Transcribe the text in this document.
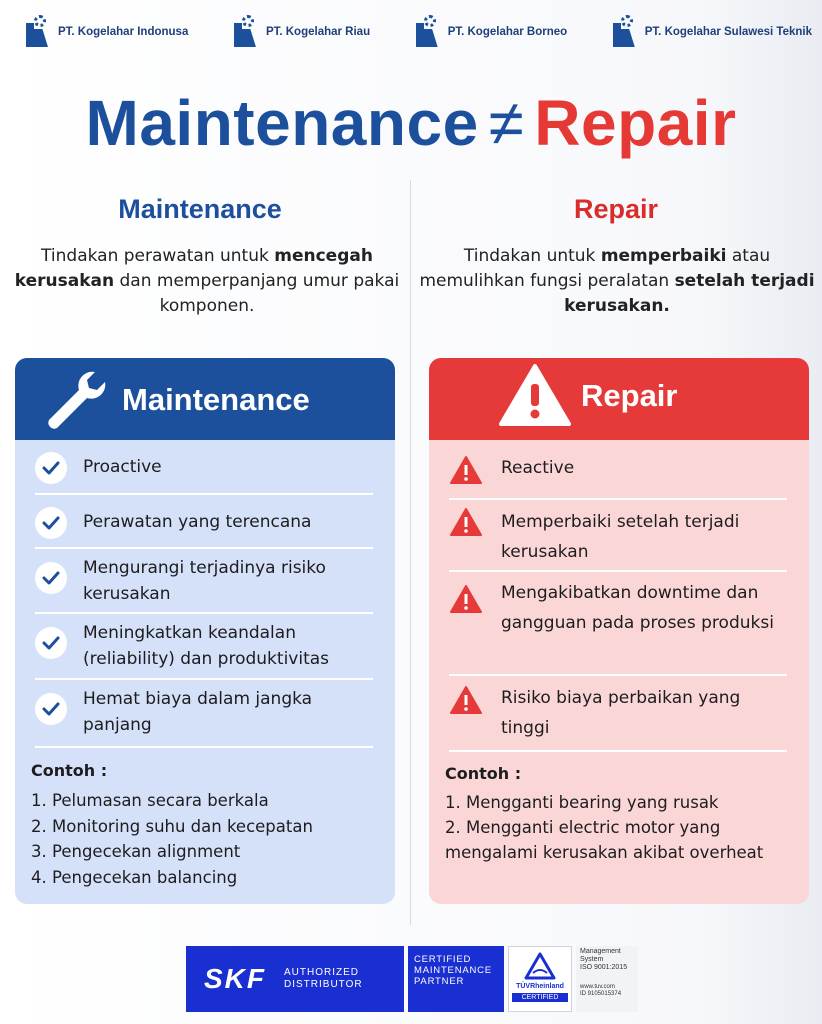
PT. Kogelahar Indonusa	PT. Kogelahar Riau	PT. Kogelahar Borneo	PT. Kogelahar Sulawesi Teknik
Maintenance ≠ Repair
Maintenance	Repair

Tindakan perawatan untuk mencegah kerusakan dan memperpanjang umur pakai komponen.

Tindakan untuk memperbaiki atau memulihkan fungsi peralatan setelah terjadi kerusakan.

Maintenance
Proactive
Perawatan yang terencana
Mengurangi terjadinya risiko kerusakan
Meningkatkan keandalan (reliability) dan produktivitas
Hemat biaya dalam jangka panjang
Contoh :
1. Pelumasan secara berkala
2. Monitoring suhu dan kecepatan
3. Pengecekan alignment
4. Pengecekan balancing
Repair
Reactive
Memperbaiki setelah terjadi kerusakan
Mengakibatkan downtime dan gangguan pada proses produksi
Risiko biaya perbaikan yang tinggi
Contoh :
1. Mengganti bearing yang rusak
2. Mengganti electric motor yang
mengalami kerusakan akibat overheat
SKF AUTHORIZED
DISTRIBUTOR
CERTIFIED
MAINTENANCE
PARTNER	TÜVRheinland
CERTIFIED
Management
System
ISO 9001:2015
www.tuv.com
ID 9105015374
